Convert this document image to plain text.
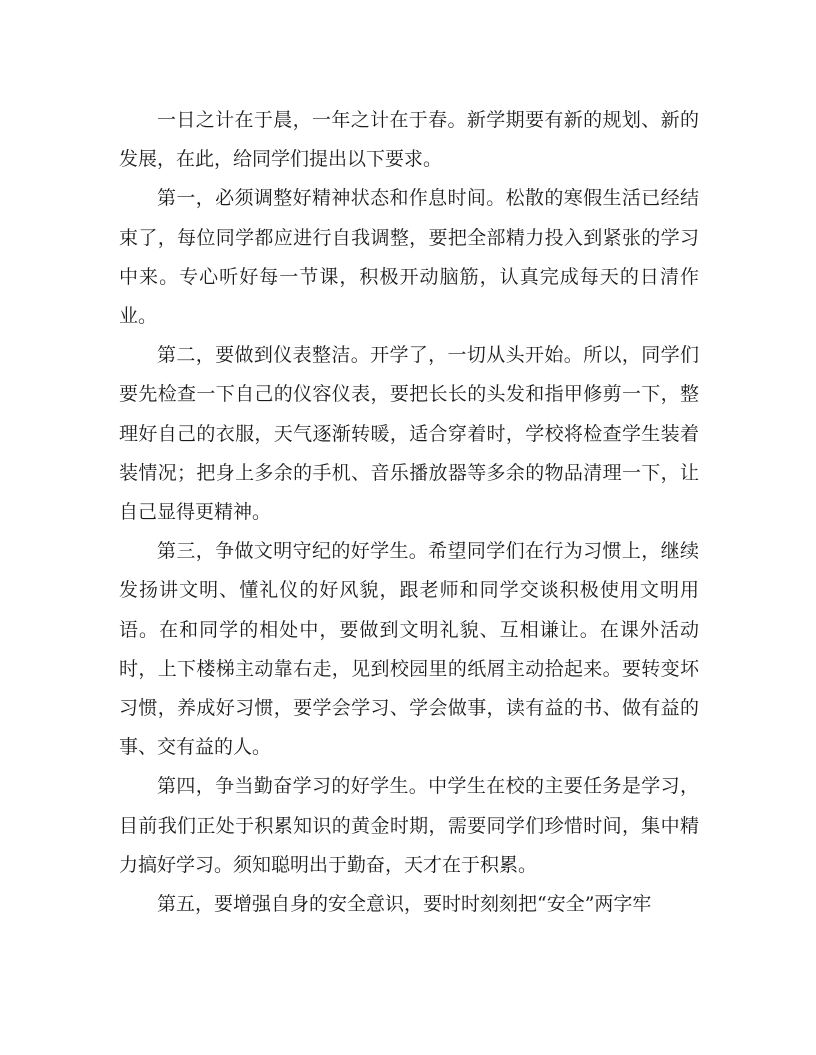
一日之计在于晨，一年之计在于春。新学期要有新的规划、新的发展，在此，给同学们提出以下要求。

第一，必须调整好精神状态和作息时间。松散的寒假生活已经结束了，每位同学都应进行自我调整，要把全部精力投入到紧张的学习中来。专心听好每一节课，积极开动脑筋，认真完成每天的日清作业。

第二，要做到仪表整洁。开学了，一切从头开始。所以，同学们要先检查一下自己的仪容仪表，要把长长的头发和指甲修剪一下，整理好自己的衣服，天气逐渐转暖，适合穿着时，学校将检查学生装着装情况；把身上多余的手机、音乐播放器等多余的物品清理一下，让自己显得更精神。

第三，争做文明守纪的好学生。希望同学们在行为习惯上，继续发扬讲文明、懂礼仪的好风貌，跟老师和同学交谈积极使用文明用语。在和同学的相处中，要做到文明礼貌、互相谦让。在课外活动时，上下楼梯主动靠右走，见到校园里的纸屑主动拾起来。要转变坏习惯，养成好习惯，要学会学习、学会做事，读有益的书、做有益的事、交有益的人。

第四，争当勤奋学习的好学生。中学生在校的主要任务是学习，目前我们正处于积累知识的黄金时期，需要同学们珍惜时间，集中精力搞好学习。须知聪明出于勤奋，天才在于积累。

第五，要增强自身的安全意识，要时时刻刻把“安全”两字牢
